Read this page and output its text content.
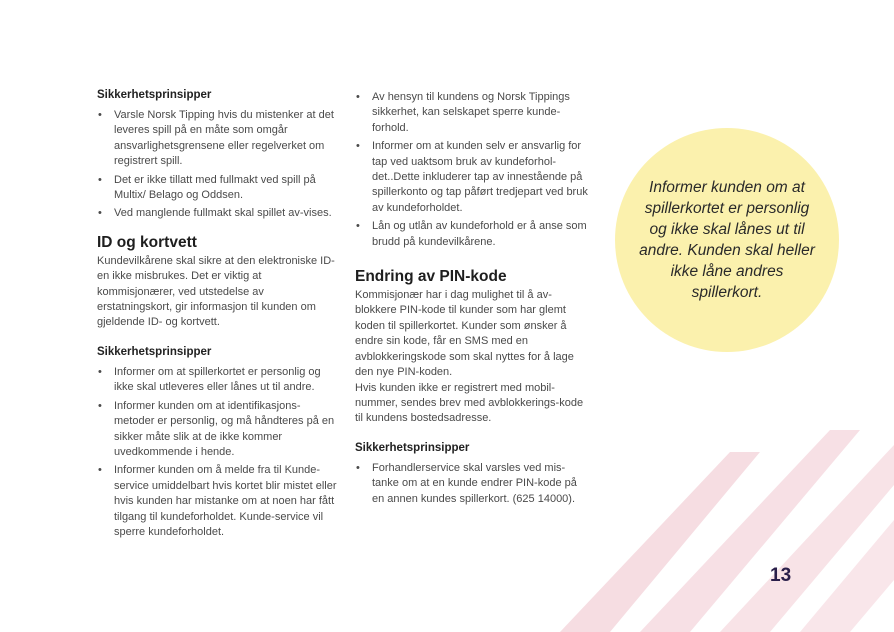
Sikkerhetsprinsipper
• Varsle Norsk Tipping hvis du mistenker at det leveres spill på en måte som omgår ansvarlighetsgrensene eller regelverket om registrert spill.
• Det er ikke tillatt med fullmakt ved spill på Multix/ Belago og Oddsen.
• Ved manglende fullmakt skal spillet av-vises.
ID og kortvett

Kundevilkårene skal sikre at den elektroniske ID-en ikke misbrukes. Det er viktig at kommisjonærer, ved utstedelse av erstatningskort, gir informasjon til kunden om gjeldende ID- og kortvett.

Sikkerhetsprinsipper
• Informer om at spillerkortet er personlig og ikke skal utleveres eller lånes ut til andre.
• Informer kunden om at identifikasjons-metoder er personlig, og må håndteres på en sikker måte slik at de ikke kommer uvedkommende i hende.
• Informer kunden om å melde fra til Kunde-service umiddelbart hvis kortet blir mistet eller hvis kunden har mistanke om at noen har fått tilgang til kundeforholdet. Kunde-service vil sperre kundeforholdet.
• Av hensyn til kundens og Norsk Tippings sikkerhet, kan selskapet sperre kunde-forhold.
• Informer om at kunden selv er ansvarlig for tap ved uaktsom bruk av kundeforhol-det..Dette inkluderer tap av innestående på spillerkonto og tap påført tredjepart ved bruk av kundeforholdet.
• Lån og utlån av kundeforhold er å anse som brudd på kundevilkårene.
Endring av PIN-kode

Kommisjonær har i dag mulighet til å av-blokkere PIN-kode til kunder som har glemt koden til spillerkortet. Kunder som ønsker å endre sin kode, får en SMS med en avblokkeringskode som skal nyttes for å lage den nye PIN-koden.

Hvis kunden ikke er registrert med mobil-nummer, sendes brev med avblokkerings-kode til kundens bostedsadresse.

Sikkerhetsprinsipper
• Forhandlerservice skal varsles ved mis-tanke om at en kunde endrer PIN-kode på en annen kundes spillerkort. (625 14000).
Informer kunden om at spillerkortet er personlig og ikke skal lånes ut til andre. Kunden skal heller ikke låne andres spillerkort.
13
